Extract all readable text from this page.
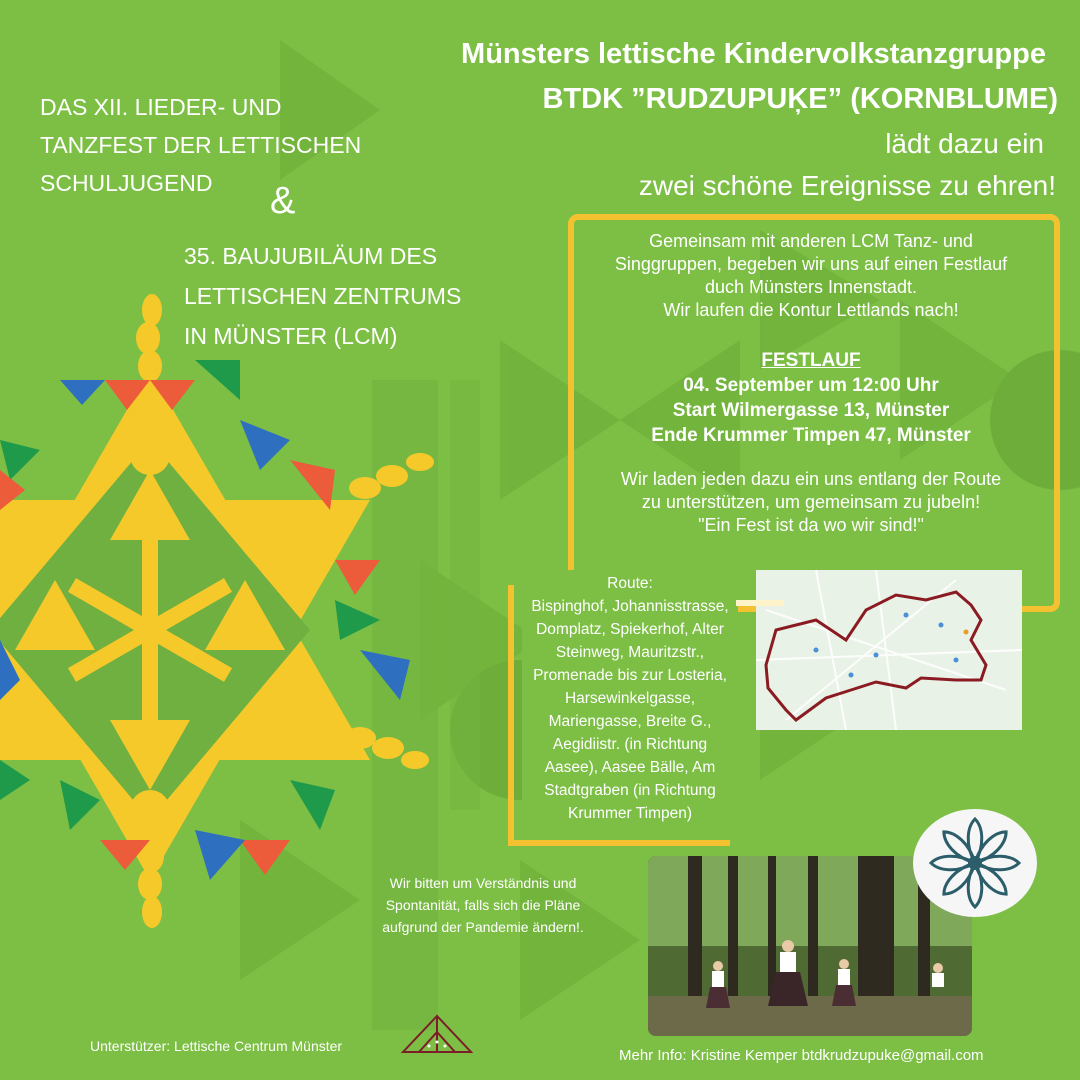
Münsters lettische Kindervolkstanzgruppe
BTDK ”RUDZUPUĶE” (KORNBLUME)
lädt dazu ein
zwei schöne Ereignisse zu ehren!
DAS XII. LIEDER- UND
TANZFEST DER LETTISCHEN
SCHULJUGEND	&
35. BAUJUBILÄUM DES
LETTISCHEN ZENTRUMS
IN MÜNSTER (LCM)
Gemeinsam mit anderen LCM Tanz- und
Singgruppen, begeben wir uns auf einen Festlauf
duch Münsters Innenstadt.
Wir laufen die Kontur Lettlands nach!
FESTLAUF
04. September um 12:00 Uhr
Start Wilmergasse 13, Münster
Ende Krummer Timpen 47, Münster
Wir laden jeden dazu ein uns entlang der Route
zu unterstützen, um gemeinsam zu jubeln!
"Ein Fest ist da wo wir sind!"
Route:
Bispinghof, Johannisstrasse,
Domplatz, Spiekerhof, Alter
Steinweg, Mauritzstr.,
Promenade bis zur Losteria,
Harsewinkelgasse,
Mariengasse, Breite G.,
Aegidiistr. (in Richtung
Aasee), Aasee Bälle, Am
Stadtgraben (in Richtung
Krummer Timpen)
Wir bitten um Verständnis und
Spontanität, falls sich die Pläne
aufgrund der Pandemie ändern!.
Unterstützer: Lettische Centrum Münster
Mehr Info: Kristine Kemper btdkrudzupuke@gmail.com
